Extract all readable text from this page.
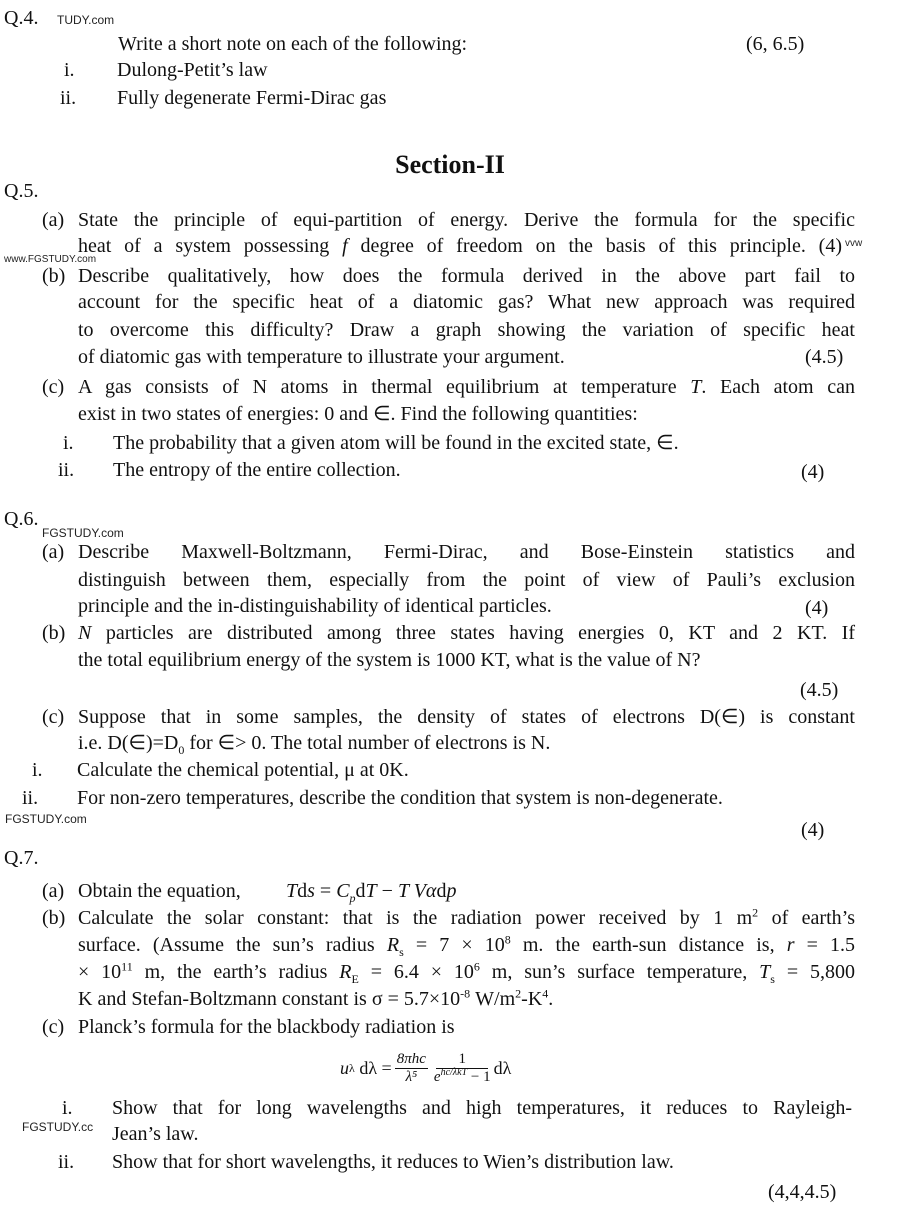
Q.4. TUDY.com
Write a short note on each of the following:	(6, 6.5)
i. Dulong-Petit’s law
ii. Fully degenerate Fermi-Dirac gas
Section-II
Q.5.
(a) State the principle of equi-partition of energy. Derive the formula for the specific
heat of a system possessing f degree of freedom on the basis of this principle. (4)
www.FGSTUDY.com
vvw
(b) Describe qualitatively, how does the formula derived in the above part fail to
account for the specific heat of a diatomic gas? What new approach was required
to overcome this difficulty? Draw a graph showing the variation of specific heat
of diatomic gas with temperature to illustrate your argument.	(4.5)
(c) A gas consists of N atoms in thermal equilibrium at temperature T. Each atom can
exist in two states of energies: 0 and ∈. Find the following quantities:
i. The probability that a given atom will be found in the excited state, ∈.
ii. The entropy of the entire collection.	(4)
Q.6.
FGSTUDY.com
(a) Describe Maxwell-Boltzmann, Fermi-Dirac, and Bose-Einstein statistics and
distinguish between them, especially from the point of view of Pauli’s exclusion
principle and the in-distinguishability of identical particles.	(4)
(b) N particles are distributed among three states having energies 0, KT and 2 KT. If
the total equilibrium energy of the system is 1000 KT, what is the value of N?
(4.5)
(c) Suppose that in some samples, the density of states of electrons D(∈) is constant
i.e. $D(\in)=D_0$ for ∈> 0. The total number of electrons is N.
i. Calculate the chemical potential, μ at 0K.
ii. For non-zero temperatures, describe the condition that system is non-degenerate.
FGSTUDY.com	(4)
Q.7.
(a) Obtain the equation, Tds = $C_pdT - T$ Vαdp
(b) Calculate the solar constant: that is the radiation power received by 1 $m^2$ of earth’s
surface. (Assume the sun’s radius $R_s = 7 \times 10^8$ m. the earth-sun distance is, r = 1.5
× $10^{11}$ m, the earth’s radius $R_E = 6.4 \times 10^6$ m, sun’s surface temperature, $T_s = 5,800$
K and Stefan-Boltzmann constant is $\sigma = 5.7\times 10^{-8}$ $W/m^2-K^4$.
(c) Planck’s formula for the blackbody radiation is
u λ
$d\lambda = \frac{\text{8πhc}}{\text{λ⁵}} \frac{1}{e^{hc/\lambda kT} - 1}$ dλ
i. Show that for long wavelengths and high temperatures, it reduces to Rayleigh-
FGSTUDY.cc Jean’s law.
ii. Show that for short wavelengths, it reduces to Wien’s distribution law.
(4,4,4.5)
